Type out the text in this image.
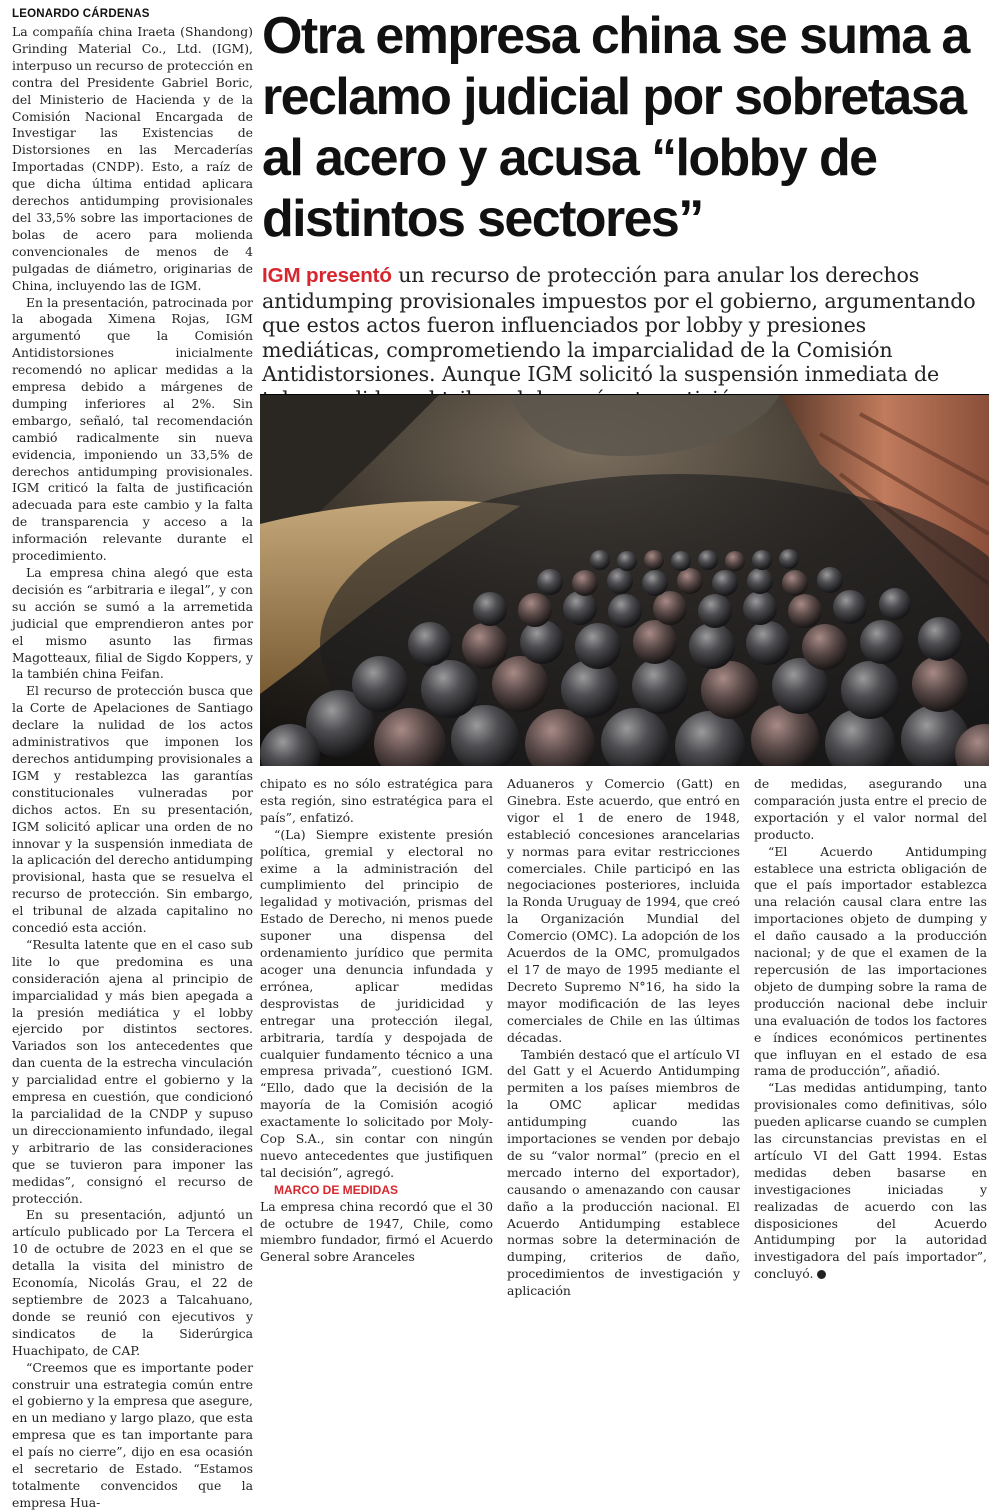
LEONARDO CÁRDENAS

La compañía china Iraeta (Shandong) Grinding Material Co., Ltd. (IGM), interpuso un recurso de protección en contra del Presidente Gabriel Boric, del Ministerio de Hacienda y de la Comisión Nacional Encargada de Investigar las Existencias de Distorsiones en las Mercaderías Importadas (CNDP). Esto, a raíz de que dicha última entidad aplicara derechos antidumping provisionales del 33,5% sobre las importaciones de bolas de acero para molienda convencionales de menos de 4 pulgadas de diámetro, originarias de China, incluyendo las de IGM.

En la presentación, patrocinada por la abogada Ximena Rojas, IGM argumentó que la Comisión Antidistorsiones inicialmente recomendó no aplicar medidas a la empresa debido a márgenes de dumping inferiores al 2%. Sin embargo, señaló, tal recomendación cambió radicalmente sin nueva evidencia, imponiendo un 33,5% de derechos antidumping provisionales. IGM criticó la falta de justificación adecuada para este cambio y la falta de transparencia y acceso a la información relevante durante el procedimiento.

La empresa china alegó que esta decisión es “arbitraria e ilegal”, y con su acción se sumó a la arremetida judicial que emprendieron antes por el mismo asunto las firmas Magotteaux, filial de Sigdo Koppers, y la también china Feifan.

El recurso de protección busca que la Corte de Apelaciones de Santiago declare la nulidad de los actos administrativos que imponen los derechos antidumping provisionales a IGM y restablezca las garantías constitucionales vulneradas por dichos actos. En su presentación, IGM solicitó aplicar una orden de no innovar y la suspensión inmediata de la aplicación del derecho antidumping provisional, hasta que se resuelva el recurso de protección. Sin embargo, el tribunal de alzada capitalino no concedió esta acción.

“Resulta latente que en el caso sub lite lo que predomina es una consideración ajena al principio de imparcialidad y más bien apegada a la presión mediática y el lobby ejercido por distintos sectores. Variados son los antecedentes que dan cuenta de la estrecha vinculación y parcialidad entre el gobierno y la empresa en cuestión, que condicionó la parcialidad de la CNDP y supuso un direccionamiento infundado, ilegal y arbitrario de las consideraciones que se tuvieron para imponer las medidas”, consignó el recurso de protección.

En su presentación, adjuntó un artículo publicado por La Tercera el 10 de octubre de 2023 en el que se detalla la visita del ministro de Economía, Nicolás Grau, el 22 de septiembre de 2023 a Talcahuano, donde se reunió con ejecutivos y sindicatos de la Siderúrgica Huachipato, de CAP.

“Creemos que es importante poder construir una estrategia común entre el gobierno y la empresa que asegure, en un mediano y largo plazo, que esta empresa que es tan importante para el país no cierre”, dijo en esa ocasión el secretario de Estado. “Estamos totalmente convencidos que la empresa Hua-

Otra empresa china se suma a reclamo judicial por sobretasa al acero y acusa “lobby de distintos sectores”

IGM presentó un recurso de protección para anular los derechos antidumping provisionales impuestos por el gobierno, argumentando que estos actos fueron influenciados por lobby y presiones mediáticas, comprometiendo la imparcialidad de la Comisión Antidistorsiones. Aunque IGM solicitó la suspensión inmediata de

chipato es no sólo estratégica para esta región, sino estratégica para el país”, enfatizó.

“(La) Siempre existente presión política, gremial y electoral no exime a la administración del cumplimiento del principio de legalidad y motivación, prismas del Estado de Derecho, ni menos puede suponer una dispensa del ordenamiento jurídico que permita acoger una denuncia infundada y errónea, aplicar medidas desprovistas de juridicidad y entregar una protección ilegal, arbitraria, tardía y despojada de cualquier fundamento técnico a una empresa privada”, cuestionó IGM. “Ello, dado que la decisión de la mayoría de la Comisión acogió exactamente lo solicitado por Moly-Cop S.A., sin contar con ningún nuevo antecedentes que justifiquen tal decisión”, agregó.

MARCO DE MEDIDAS

La empresa china recordó que el 30 de octubre de 1947, Chile, como miembro fundador, firmó el Acuerdo General sobre Aranceles

Aduaneros y Comercio (Gatt) en Ginebra. Este acuerdo, que entró en vigor el 1 de enero de 1948, estableció concesiones arancelarias y normas para evitar restricciones comerciales. Chile participó en las negociaciones posteriores, incluida la Ronda Uruguay de 1994, que creó la Organización Mundial del Comercio (OMC). La adopción de los Acuerdos de la OMC, promulgados el 17 de mayo de 1995 mediante el Decreto Supremo N°16, ha sido la mayor modificación de las leyes comerciales de Chile en las últimas décadas.

También destacó que el artículo VI del Gatt y el Acuerdo Antidumping permiten a los países miembros de la OMC aplicar medidas antidumping cuando las importaciones se venden por debajo de su “valor normal” (precio en el mercado interno del exportador), causando o amenazando con causar daño a la producción nacional. El Acuerdo Antidumping establece normas sobre la determinación de dumping, criterios de daño, procedimientos de investigación y aplicación

de medidas, asegurando una comparación justa entre el precio de exportación y el valor normal del producto.

“El Acuerdo Antidumping establece una estricta obligación de que el país importador establezca una relación causal clara entre las importaciones objeto de dumping y el daño causado a la producción nacional; y de que el examen de la repercusión de las importaciones objeto de dumping sobre la rama de producción nacional debe incluir una evaluación de todos los factores e índices económicos pertinentes que influyan en el estado de esa rama de producción”, añadió.

“Las medidas antidumping, tanto provisionales como definitivas, sólo pueden aplicarse cuando se cumplen las circunstancias previstas en el artículo VI del Gatt 1994. Estas medidas deben basarse en investigaciones iniciadas y realizadas de acuerdo con las disposiciones del Acuerdo Antidumping por la autoridad investigadora del país importador”, concluyó.	P
